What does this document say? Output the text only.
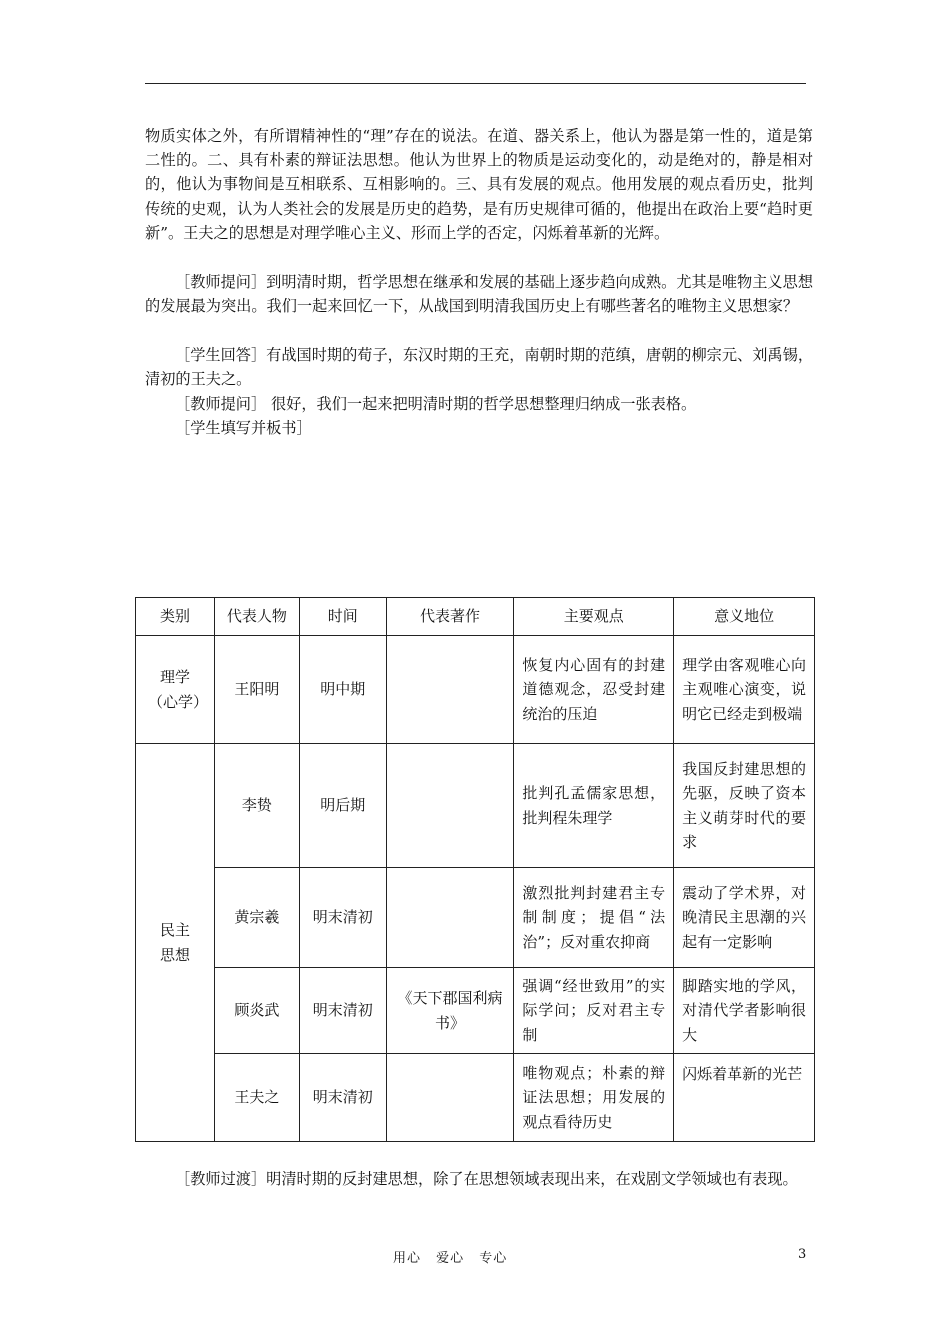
物质实体之外，有所谓精神性的“理”存在的说法。在道、器关系上，他认为器是第一性的，道是第二性的。二、具有朴素的辩证法思想。他认为世界上的物质是运动变化的，动是绝对的，静是相对的，他认为事物间是互相联系、互相影响的。三、具有发展的观点。他用发展的观点看历史，批判传统的史观，认为人类社会的发展是历史的趋势，是有历史规律可循的，他提出在政治上要“趋时更新”。王夫之的思想是对理学唯心主义、形而上学的否定，闪烁着革新的光辉。

［教师提问］到明清时期，哲学思想在继承和发展的基础上逐步趋向成熟。尤其是唯物主义思想的发展最为突出。我们一起来回忆一下，从战国到明清我国历史上有哪些著名的唯物主义思想家？

［学生回答］有战国时期的荀子，东汉时期的王充，南朝时期的范缜，唐朝的柳宗元、刘禹锡，清初的王夫之。

［教师提问］ 很好，我们一起来把明清时期的哲学思想整理归纳成一张表格。

［学生填写并板书］

类别	代表人物	时间	代表著作	主要观点	意义地位
理学（心学）	王阳明	明中期		恢复内心固有的封建道德观念，忍受封建统治的压迫	理学由客观唯心向主观唯心演变，说明它已经走到极端
民主思想	李贽	明后期		批判孔孟儒家思想，批判程朱理学	我国反封建思想的先驱，反映了资本主义萌芽时代的要求
	黄宗羲	明末清初		激烈批判封建君主专制制度；提倡“法治”；反对重农抑商	震动了学术界，对晚清民主思潮的兴起有一定影响
	顾炎武	明末清初	《天下郡国利病书》	强调“经世致用”的实际学问；反对君主专制	脚踏实地的学风，对清代学者影响很大
	王夫之	明末清初		唯物观点；朴素的辩证法思想；用发展的观点看待历史	闪烁着革新的光芒

［教师过渡］明清时期的反封建思想，除了在思想领域表现出来，在戏剧文学领域也有表现。

用心 爱心 专心	3
